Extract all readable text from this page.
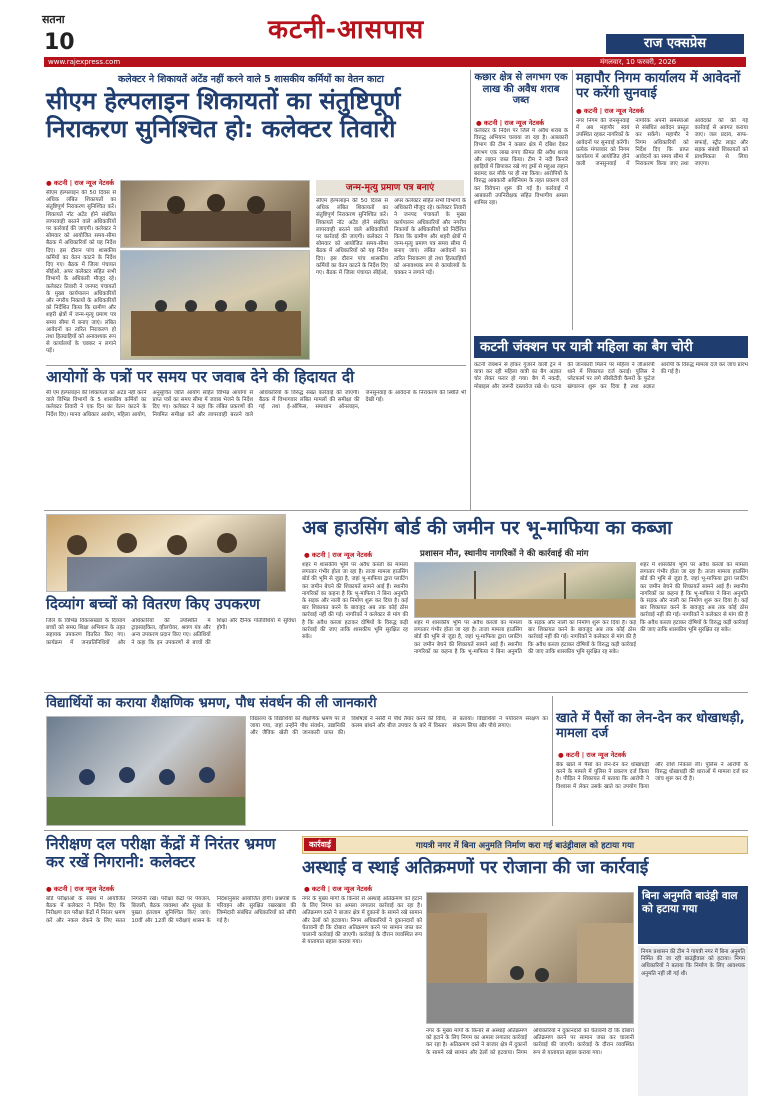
सतना
10	कटनी-आसपास	राज एक्सप्रेस
www.rajexpress.com	मंगलवार, 10 फरवरी, 2026
कलेक्टर ने शिकायतें अटेंड नहीं करने वाले 5 शासकीय कर्मियों का वेतन काटा
सीएम हेल्पलाइन शिकायतों का संतुष्टिपूर्ण निराकरण सुनिश्चित हो: कलेक्टर तिवारी
● कटनी | राज न्यूज नेटवर्क
सीएम हेल्पलाइन की 50 दिवस से अधिक लंबित शिकायतों का संतुष्टिपूर्ण निराकरण सुनिश्चित करें। शिकायतें नॉट अटेंड होने संबंधित लापरवाही बरतने वाले अधिकारियों पर कार्रवाई की जाएगी। कलेक्टर ने सोमवार को आयोजित समय-सीमा बैठक में अधिकारियों को यह निर्देश दिए। इस दौरान पांच शासकीय कर्मियों का वेतन काटने के निर्देश दिए गए। बैठक में जिला पंचायत सीईओ, अपर कलेक्टर सहित सभी विभागों के अधिकारी मौजूद रहे। कलेक्टर तिवारी ने जनपद पंचायतों के मुख्य कार्यपालन अधिकारियों और नगरीय निकायों के अधिकारियों को निर्देशित किया कि ग्रामीण और शहरी क्षेत्रों में जन्म-मृत्यु प्रमाण पत्र समय सीमा में बनाए जाएं। लंबित आवेदनों का त्वरित निराकरण हो तथा हितग्राहियों को अनावश्यक रूप से कार्यालयों के चक्कर न लगाने पड़ें।
जन्म-मृत्यु प्रमाण पत्र बनाएं
सीएम हेल्पलाइन की 50 दिवस से अधिक लंबित शिकायतों का संतुष्टिपूर्ण निराकरण सुनिश्चित करें। शिकायतें नॉट अटेंड होने संबंधित लापरवाही बरतने वाले अधिकारियों पर कार्रवाई की जाएगी। कलेक्टर ने सोमवार को आयोजित समय-सीमा बैठक में अधिकारियों को यह निर्देश दिए। इस दौरान पांच शासकीय कर्मियों का वेतन काटने के निर्देश दिए गए। बैठक में जिला पंचायत सीईओ, अपर कलेक्टर सहित सभी विभागों के अधिकारी मौजूद रहे। कलेक्टर तिवारी ने जनपद पंचायतों के मुख्य कार्यपालन अधिकारियों और नगरीय निकायों के अधिकारियों को निर्देशित किया कि ग्रामीण और शहरी क्षेत्रों में जन्म-मृत्यु प्रमाण पत्र समय सीमा में बनाए जाएं। लंबित आवेदनों का त्वरित निराकरण हो तथा हितग्राहियों को अनावश्यक रूप से कार्यालयों के चक्कर न लगाने पड़ें।
आयोगों के पत्रों पर समय पर जवाब देने की हिदायत दी
सी एम हेल्पलाइन की शिकायतों को अटेंड नहीं करने वाले विभिन्न विभागों के 5 शासकीय कर्मियों का कलेक्टर तिवारी ने एक दिन का वेतन काटने के निर्देश दिए। मानव अधिकार आयोग, महिला आयोग, अनुसूचित जाति आयोग सहित विभिन्न आयोगों से प्राप्त पत्रों का समय सीमा में जवाब भेजने के निर्देश दिए गए। कलेक्टर ने कहा कि लंबित प्रकरणों की नियमित समीक्षा करें और लापरवाही बरतने वाले अधिकारियों के विरुद्ध सख्त कार्रवाई की जाएगी। बैठक में विभागवार लंबित मामलों की समीक्षा की गई तथा ई-ऑफिस, समाधान ऑनलाइन, जनसुनवाई के आवेदनों के निराकरण की स्थिति भी देखी गई।
कछार क्षेत्र से लगभग एक लाख की अवैध शराब जब्त
● कटनी | राज न्यूज नेटवर्क
कलेक्टर के निर्देश पर जिले में अवैध शराब के विरुद्ध अभियान चलाया जा रहा है। आबकारी विभाग की टीम ने कछार क्षेत्र में दबिश देकर लगभग एक लाख रुपए कीमत की अवैध शराब और लहान जब्त किया। टीम ने नदी किनारे झाड़ियों में छिपाकर रखे गए ड्रमों से महुआ लहान बरामद कर मौके पर ही नष्ट किया। आरोपियों के विरुद्ध आबकारी अधिनियम के तहत प्रकरण दर्ज कर विवेचना शुरू की गई है। कार्रवाई में आबकारी उपनिरीक्षक सहित विभागीय अमला शामिल रहा।
महापौर निगम कार्यालय में आवेदनों पर करेंगी सुनवाई
● कटनी | राज न्यूज नेटवर्क
नगर निगम की जनसुनवाई में अब महापौर स्वयं उपस्थित रहकर नागरिकों के आवेदनों पर सुनवाई करेंगी। प्रत्येक मंगलवार को निगम कार्यालय में आयोजित होने वाली जनसुनवाई में नागरिक अपनी समस्याओं से संबंधित आवेदन प्रस्तुत कर सकेंगे। महापौर ने निगम अधिकारियों को निर्देश दिए कि प्राप्त आवेदनों का समय सीमा में निराकरण किया जाए तथा आवेदकों को की गई कार्रवाई से अवगत कराया जाए। जल प्रदाय, साफ-सफाई, स्ट्रीट लाइट और सड़क संबंधी शिकायतों को प्राथमिकता से लिया जाएगा।
कटनी जंक्शन पर यात्री महिला का बैग चोरी
कटनी जंक्शन से होकर गुजरने वाली ट्रेन में यात्रा कर रही महिला यात्री का बैग अज्ञात चोर लेकर फरार हो गया। बैग में नकदी, मोबाइल और जरूरी दस्तावेज रखे थे। घटना की जानकारी मिलने पर महिला ने जीआरपी थाने में शिकायत दर्ज कराई। पुलिस ने प्लेटफार्म पर लगे सीसीटीवी कैमरों के फुटेज खंगालना शुरू कर दिया है तथा अज्ञात आरोपी के विरुद्ध मामला दर्ज कर जांच प्रारंभ की गई है।
दिव्यांग बच्चों को वितरण किए उपकरण
जिले के विभिन्न विकासखंडों के दिव्यांग बच्चों को समग्र शिक्षा अभियान के तहत सहायक उपकरण वितरित किए गए। कार्यक्रम में जनप्रतिनिधियों और अधिकारियों की उपस्थिति में ट्राइसाइकिल, व्हीलचेयर, श्रवण यंत्र और अन्य उपकरण प्रदान किए गए। अतिथियों ने कहा कि इन उपकरणों से बच्चों की शिक्षा और दैनिक गतिविधियों में सुविधा होगी।
अब हाउसिंग बोर्ड की जमीन पर भू-माफिया का कब्जा
● कटनी | राज न्यूज नेटवर्क	प्रशासन मौन, स्थानीय नागरिकों ने की कार्रवाई की मांग
शहर में शासकीय भूमि पर अवैध कब्जों का मामला लगातार गंभीर होता जा रहा है। ताजा मामला हाउसिंग बोर्ड की भूमि से जुड़ा है, जहां भू-माफिया द्वारा प्लाटिंग कर जमीन बेचने की शिकायतें सामने आई हैं। स्थानीय नागरिकों का कहना है कि भू-माफिया ने बिना अनुमति के सड़क और नाली का निर्माण शुरू कर दिया है। कई बार शिकायत करने के बावजूद अब तक कोई ठोस कार्रवाई नहीं की गई। नागरिकों ने कलेक्टर से मांग की है कि अवैध कब्जा हटाकर दोषियों के विरुद्ध कड़ी कार्रवाई की जाए ताकि शासकीय भूमि सुरक्षित रह सके।
शहर में शासकीय भूमि पर अवैध कब्जों का मामला लगातार गंभीर होता जा रहा है। ताजा मामला हाउसिंग बोर्ड की भूमि से जुड़ा है, जहां भू-माफिया द्वारा प्लाटिंग कर जमीन बेचने की शिकायतें सामने आई हैं। स्थानीय नागरिकों का कहना है कि भू-माफिया ने बिना अनुमति के सड़क और नाली का निर्माण शुरू कर दिया है। कई बार शिकायत करने के बावजूद अब तक कोई ठोस कार्रवाई नहीं की गई। नागरिकों ने कलेक्टर से मांग की है कि अवैध कब्जा हटाकर दोषियों के विरुद्ध कड़ी कार्रवाई की जाए ताकि शासकीय भूमि सुरक्षित रह सके।
शहर में शासकीय भूमि पर अवैध कब्जों का मामला लगातार गंभीर होता जा रहा है। ताजा मामला हाउसिंग बोर्ड की भूमि से जुड़ा है, जहां भू-माफिया द्वारा प्लाटिंग कर जमीन बेचने की शिकायतें सामने आई हैं। स्थानीय नागरिकों का कहना है कि भू-माफिया ने बिना अनुमति के सड़क और नाली का निर्माण शुरू कर दिया है। कई बार शिकायत करने के बावजूद अब तक कोई ठोस कार्रवाई नहीं की गई। नागरिकों ने कलेक्टर से मांग की है कि अवैध कब्जा हटाकर दोषियों के विरुद्ध कड़ी कार्रवाई की जाए ताकि शासकीय भूमि सुरक्षित रह सके।
विद्यार्थियों का कराया शैक्षणिक भ्रमण, पौध संवर्धन की ली जानकारी
विद्यालय के विद्यार्थियों को शैक्षणिक भ्रमण पर ले जाया गया, जहां उन्होंने पौध संवर्धन, उद्यानिकी और जैविक खेती की जानकारी प्राप्त की। विशेषज्ञों ने नर्सरी में पौधे तैयार करने की विधि, कलम बांधने और बीज उपचार के बारे में विस्तार से बताया। विद्यार्थियों ने पर्यावरण संरक्षण का संकल्प लिया और पौधे लगाए।
खाते में पैसों का लेन-देन कर धोखाधड़ी, मामला दर्ज
● कटनी | राज न्यूज नेटवर्क
बैंक खाते में पैसों का लेन-देन कर धोखाधड़ी करने के मामले में पुलिस ने प्रकरण दर्ज किया है। पीड़ित ने शिकायत में बताया कि आरोपी ने विश्वास में लेकर उसके खाते का उपयोग किया और राशि निकाल ली। पुलिस ने आरोपी के विरुद्ध धोखाधड़ी की धाराओं में मामला दर्ज कर जांच शुरू कर दी है।
निरीक्षण दल परीक्षा केंद्रों में निरंतर भ्रमण कर रखें निगरानी: कलेक्टर
● कटनी | राज न्यूज नेटवर्क
बोर्ड परीक्षाओं के संबंध में आयोजित बैठक में कलेक्टर ने निर्देश दिए कि निरीक्षण दल परीक्षा केंद्रों में निरंतर भ्रमण करें और नकल रोकने के लिए सतत निगरानी रखें। परीक्षा केंद्रों पर पेयजल, बिजली, बैठक व्यवस्था और सुरक्षा के पुख्ता इंतजाम सुनिश्चित किए जाएं। 10वीं और 12वीं की परीक्षाएं शासन के निर्देशानुसार आयोजित होंगी। प्रश्नपत्रों के परिवहन और सुरक्षित रखरखाव की जिम्मेदारी संबंधित अधिकारियों को सौंपी गई है।
गायत्री नगर में बिना अनुमति निर्माण करा गई बाउंड्रीवाल को हटाया गया
कार्रवाई
अस्थाई व स्थाई अतिक्रमणों पर रोजाना की जा कार्रवाई
● कटनी | राज न्यूज नेटवर्क
नगर के मुख्य मार्गों के किनारे से अस्थाई अतिक्रमण को हटाने के लिए निगम का अमला लगातार कार्रवाई कर रहा है। अतिक्रमण दस्ते ने बाजार क्षेत्र में दुकानों के सामने रखे सामान और ठेलों को हटवाया। निगम अधिकारियों ने दुकानदारों को चेतावनी दी कि दोबारा अतिक्रमण करने पर सामान जब्त कर चालानी कार्रवाई की जाएगी। कार्रवाई के दौरान व्यवस्थित रूप से यातायात बहाल कराया गया।
नगर के मुख्य मार्गों के किनारे से अस्थाई अतिक्रमण को हटाने के लिए निगम का अमला लगातार कार्रवाई कर रहा है। अतिक्रमण दस्ते ने बाजार क्षेत्र में दुकानों के सामने रखे सामान और ठेलों को हटवाया। निगम अधिकारियों ने दुकानदारों को चेतावनी दी कि दोबारा अतिक्रमण करने पर सामान जब्त कर चालानी कार्रवाई की जाएगी। कार्रवाई के दौरान व्यवस्थित रूप से यातायात बहाल कराया गया।
बिना अनुमति बाउंड्री वाल को हटाया गया
निगम प्रशासन की टीम ने गायत्री नगर में बिना अनुमति निर्मित की जा रही बाउंड्रीवाल को हटाया। निगम अधिकारियों ने बताया कि निर्माण के लिए आवश्यक अनुमति नहीं ली गई थी।
